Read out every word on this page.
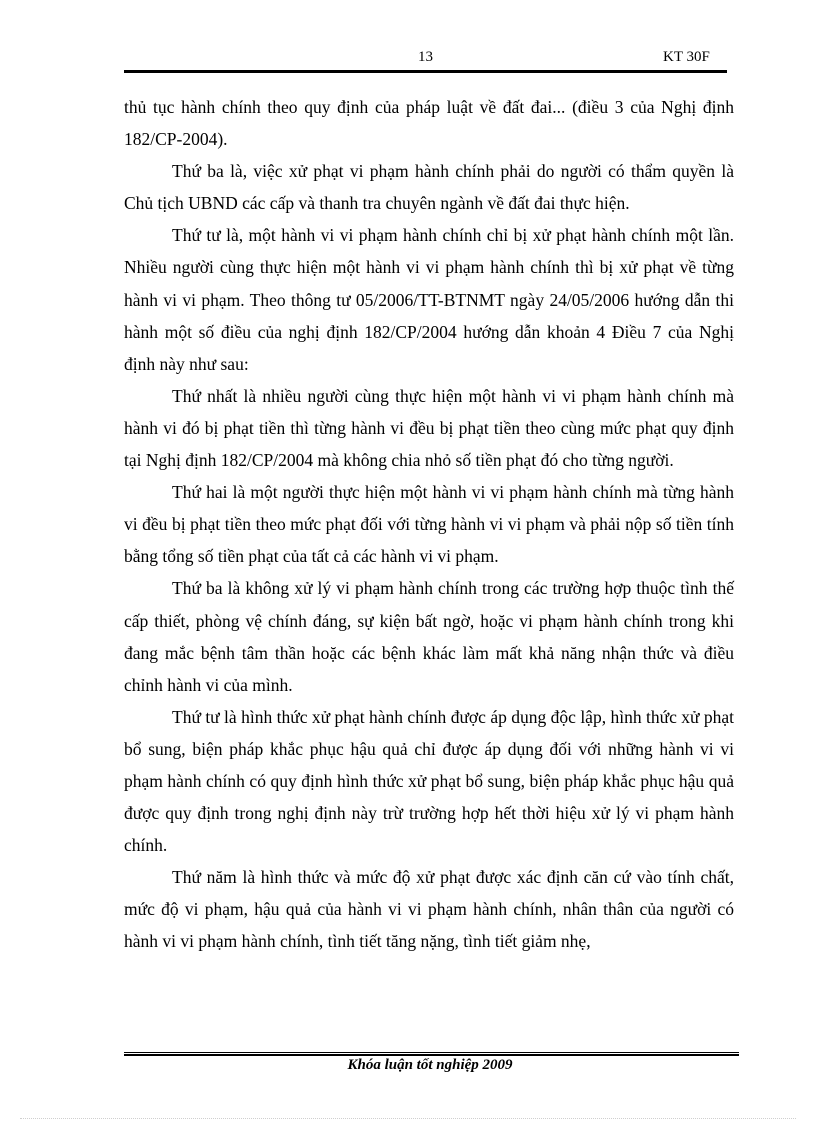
13	KT 30F

thủ tục hành chính theo quy định của pháp luật về đất đai... (điều 3 của Nghị định 182/CP-2004).

Thứ ba là, việc xử phạt vi phạm hành chính phải do người có thẩm quyền là Chủ tịch UBND các cấp và thanh tra chuyên ngành về đất đai thực hiện.

Thứ tư là, một hành vi vi phạm hành chính chỉ bị xử phạt hành chính một lần. Nhiều người cùng thực hiện một hành vi vi phạm hành chính thì bị xử phạt về từng hành vi vi phạm. Theo thông tư 05/2006/TT-BTNMT ngày 24/05/2006 hướng dẫn thi hành một số điều của nghị định 182/CP/2004 hướng dẫn khoản 4 Điều 7 của Nghị định này như sau:

Thứ nhất là nhiều người cùng thực hiện một hành vi vi phạm hành chính mà hành vi đó bị phạt tiền thì từng hành vi đều bị phạt tiền theo cùng mức phạt quy định tại Nghị định 182/CP/2004 mà không chia nhỏ số tiền phạt đó cho từng người.

Thứ hai là một người thực hiện một hành vi vi phạm hành chính mà từng hành vi đều bị phạt tiền theo mức phạt đối với từng hành vi vi phạm và phải nộp số tiền tính bằng tổng số tiền phạt của tất cả các hành vi vi phạm.

Thứ ba là không xử lý vi phạm hành chính trong các trường hợp thuộc tình thế cấp thiết, phòng vệ chính đáng, sự kiện bất ngờ, hoặc vi phạm hành chính trong khi đang mắc bệnh tâm thần hoặc các bệnh khác làm mất khả năng nhận thức và điều chỉnh hành vi của mình.

Thứ tư là hình thức xử phạt hành chính được áp dụng độc lập, hình thức xử phạt bổ sung, biện pháp khắc phục hậu quả chỉ được áp dụng đối với những hành vi vi phạm hành chính có quy định hình thức xử phạt bổ sung, biện pháp khắc phục hậu quả được quy định trong nghị định này trừ trường hợp hết thời hiệu xử lý vi phạm hành chính.

Thứ năm là hình thức và mức độ xử phạt được xác định căn cứ vào tính chất, mức độ vi phạm, hậu quả của hành vi vi phạm hành chính, nhân thân của người có hành vi vi phạm hành chính, tình tiết tăng nặng, tình tiết giảm nhẹ,

Khóa luận tốt nghiệp 2009
